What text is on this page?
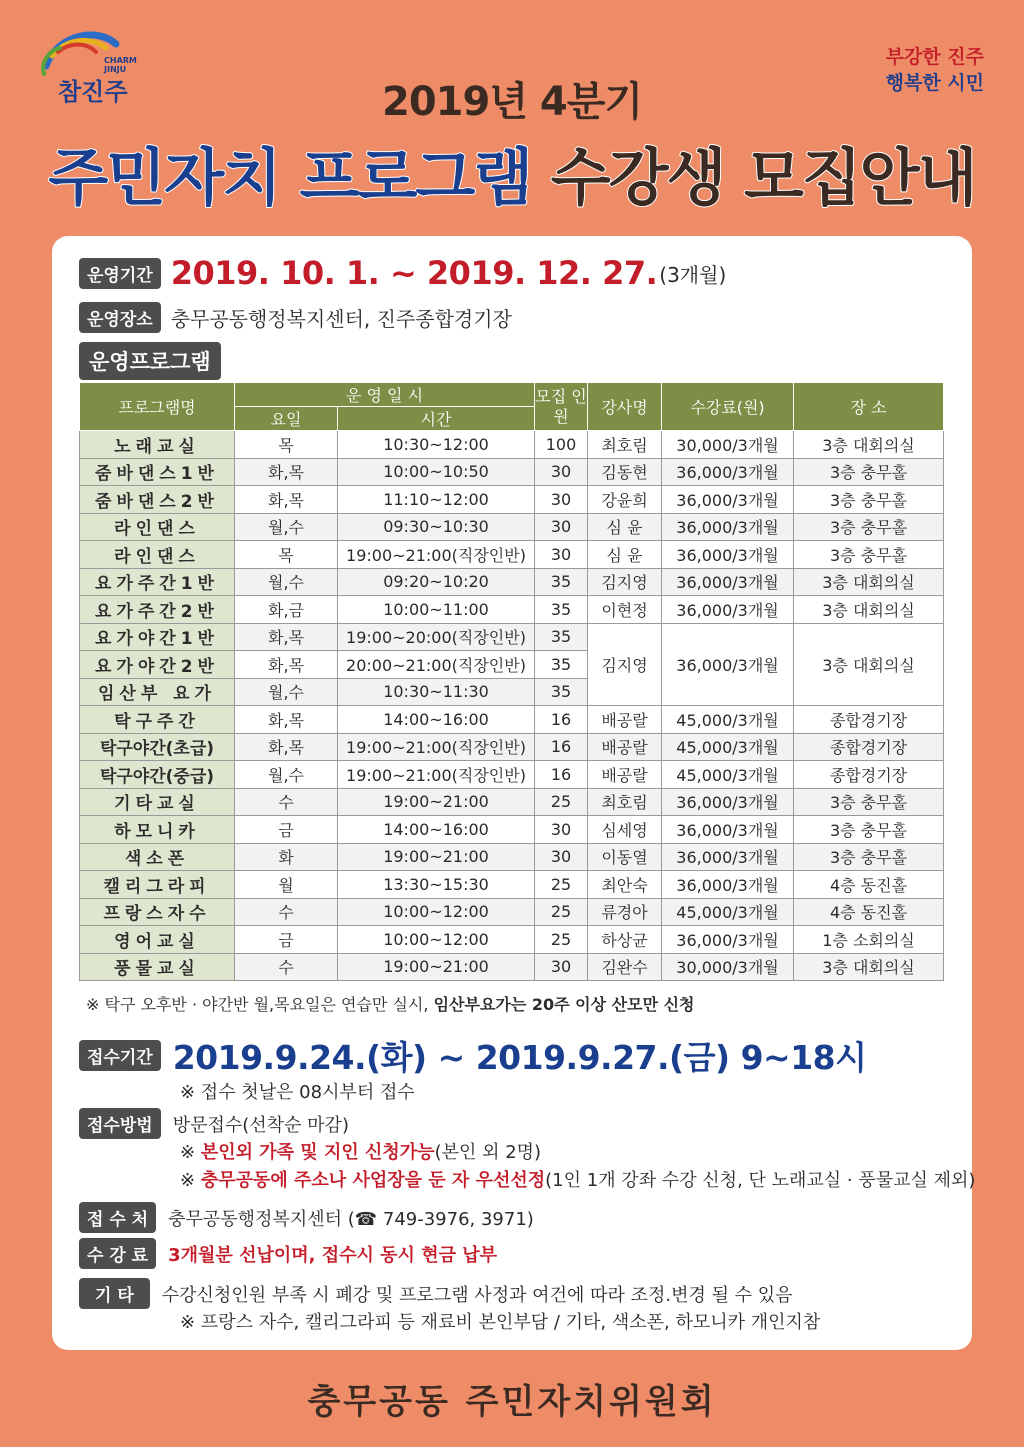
CHARM JINJU
참진주
부강한 진주
행복한 시민
2019년 4분기
주민자치 프로그램 수강생 모집안내
운영기간 2019. 10. 1. ~ 2019. 12. 27. (3개월)
운영장소 충무공동행정복지센터, 진주종합경기장
운영프로그램
프로그램명	운 영 일 시		모집 인원	강사명	수강료(원)	장 소
	요일	시간				
노래교실	목	10:30~12:00	100	최호림	30,000/3개월	3층 대회의실
줌바댄스1반	화,목	10:00~10:50	30	김동현	36,000/3개월	3층 충무홀
줌바댄스2반	화,목	11:10~12:00	30	강윤희	36,000/3개월	3층 충무홀
라인댄스	월,수	09:30~10:30	30	심 윤	36,000/3개월	3층 충무홀
라인댄스	목	19:00~21:00(직장인반)	30	심 윤	36,000/3개월	3층 충무홀
요가주간1반	월,수	09:20~10:20	35	김지영	36,000/3개월	3층 대회의실
요가주간2반	화,금	10:00~11:00	35	이현정	36,000/3개월	3층 대회의실
요가야간1반	화,목	19:00~20:00(직장인반)	35	김지영	36,000/3개월	3층 대회의실
요가야간2반	화,목	20:00~21:00(직장인반)	35			
임산부 요가	월,수	10:30~11:30	35			
탁구주간	화,목	14:00~16:00	16	배공랄	45,000/3개월	종합경기장
탁구야간(초급)	화,목	19:00~21:00(직장인반)	16	배공랄	45,000/3개월	종합경기장
탁구야간(중급)	월,수	19:00~21:00(직장인반)	16	배공랄	45,000/3개월	종합경기장
기타교실	수	19:00~21:00	25	최호림	36,000/3개월	3층 충무홀
하모니카	금	14:00~16:00	30	심세영	36,000/3개월	3층 충무홀
색소폰	화	19:00~21:00	30	이동열	36,000/3개월	3층 충무홀
캘리그라피	월	13:30~15:30	25	최안숙	36,000/3개월	4층 동진홀
프랑스자수	수	10:00~12:00	25	류경아	45,000/3개월	4층 동진홀
영어교실	금	10:00~12:00	25	하상균	36,000/3개월	1층 소회의실
풍물교실	수	19:00~21:00	30	김완수	30,000/3개월	3층 대회의실
※ 탁구 오후반 · 야간반 월,목요일은 연습만 실시, 임산부요가는 20주 이상 산모만 신청
접수기간 2019.9.24.(화) ~ 2019.9.27.(금) 9~18시
※ 접수 첫날은 08시부터 접수
접수방법	방문접수(선착순 마감)
※ 본인외 가족 및 지인 신청가능(본인 외 2명)
※ 충무공동에 주소나 사업장을 둔 자 우선선정(1인 1개 강좌 수강 신청, 단 노래교실 · 풍물교실 제외)
접 수 처	충무공동행정복지센터 (☎ 749-3976, 3971)
수 강 료	3개월분 선납이며, 접수시 동시 현금 납부
기 타	수강신청인원 부족 시 폐강 및 프로그램 사정과 여건에 따라 조정.변경 될 수 있음
※ 프랑스 자수, 캘리그라피 등 재료비 본인부담 / 기타, 색소폰, 하모니카 개인지참
충무공동 주민자치위원회
